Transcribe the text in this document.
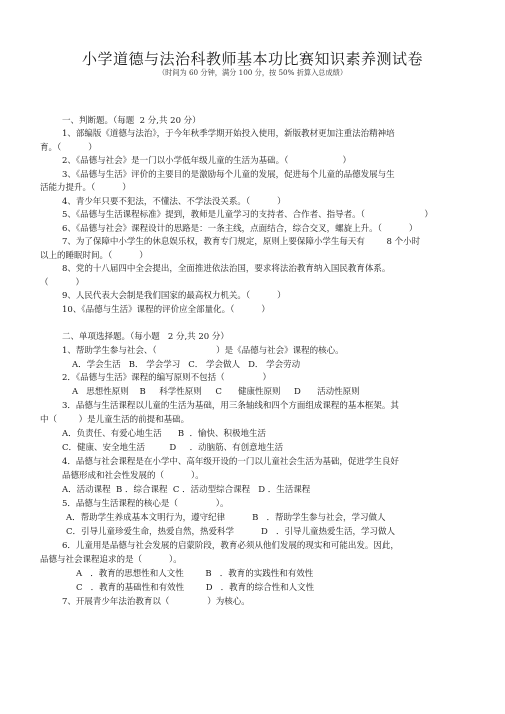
小学道德与法治科教师基本功比赛知识素养测试卷
（时间为 60 分钟，满分 100 分，按 50% 折算入总成绩）
一、判断题。（每题  2 分,共 20 分）
1、部编版《道德与法治》，于今年秋季学期开始投入使用，新版教材更加注重法治精神培
育。（          ）
2、《品德与社会》是一门以小学低年级儿童的生活为基础。（                    ）
3、《品德与生活》评价的主要目的是激励每个儿童的发展，促进每个儿童的品德发展与生
活能力提升。（          ）
4、青少年只要不犯法，不懂法、不学法没关系。（          ）
5、《品德与生活课程标准》提到，教师是儿童学习的支持者、合作者、指导者。（                      ）
6、《品德与社会》课程设计的思路是：一条主线，点面结合，综合交叉，螺旋上升。（          ）
7、为了保障中小学生的休息娱乐权，教育专门规定，原则上要保障小学生每天有        8 个小时
以上的睡眠时间。（          ）
8、党的十八届四中全会提出，全面推进依法治国，要求将法治教育纳入国民教育体系。
（          ）
9、人民代表大会制是我们国家的最高权力机关。（          ）
10、《品德与生活》课程的评价应全部量化。（          ）
二、单项选择题。（每小题   2 分,共 20 分）
1、帮助学生参与社会、（                      ）是《品德与社会》课程的核心。
A．学会生活   B． 学会学习   C． 学会做人   D． 学会劳动
2．《品德与生活》课程的编写原则不包括（              ）
A   思想性原则    B     科学性原则     C      健康性原则     D      活动性原则
3．品德与生活课程以儿童的生活为基础，用三条轴线和四个方面组成课程的基本框架。其
中（        ）是儿童生活的前提和基础。
A．负责任、有爱心地生活      B  ．愉快、积极地生活
C．健康、安全地生活         D     ．动脑筋、有创意地生活
4．品德与社会课程是在小学中、高年级开设的一门以儿童社会生活为基础，促进学生良好
品德形成和社会性发展的（          ）。
A．活动课程  B ．综合课程  C ．活动型综合课程   D ．生活课程
5．品德与生活课程的核心是（              ）。
A．帮助学生养成基本文明行为，遵守纪律          B   ．帮助学生参与社会，学习做人
C．引导儿童珍爱生命，热爱自然，热爱科学          D   ．引导儿童热爱生活，学习做人
6．儿童用是品德与社会发展的启蒙阶段，教育必须从他们发展的现实和可能出发。因此，
品德与社会课程追求的是（          ）。
A   ．教育的思想性和人文性        B   ．教育的实践性和有效性
C   ．教育的基础性和有效性        D   ．教育的综合性和人文性
7、开展青少年法治教育以（              ）为核心。
